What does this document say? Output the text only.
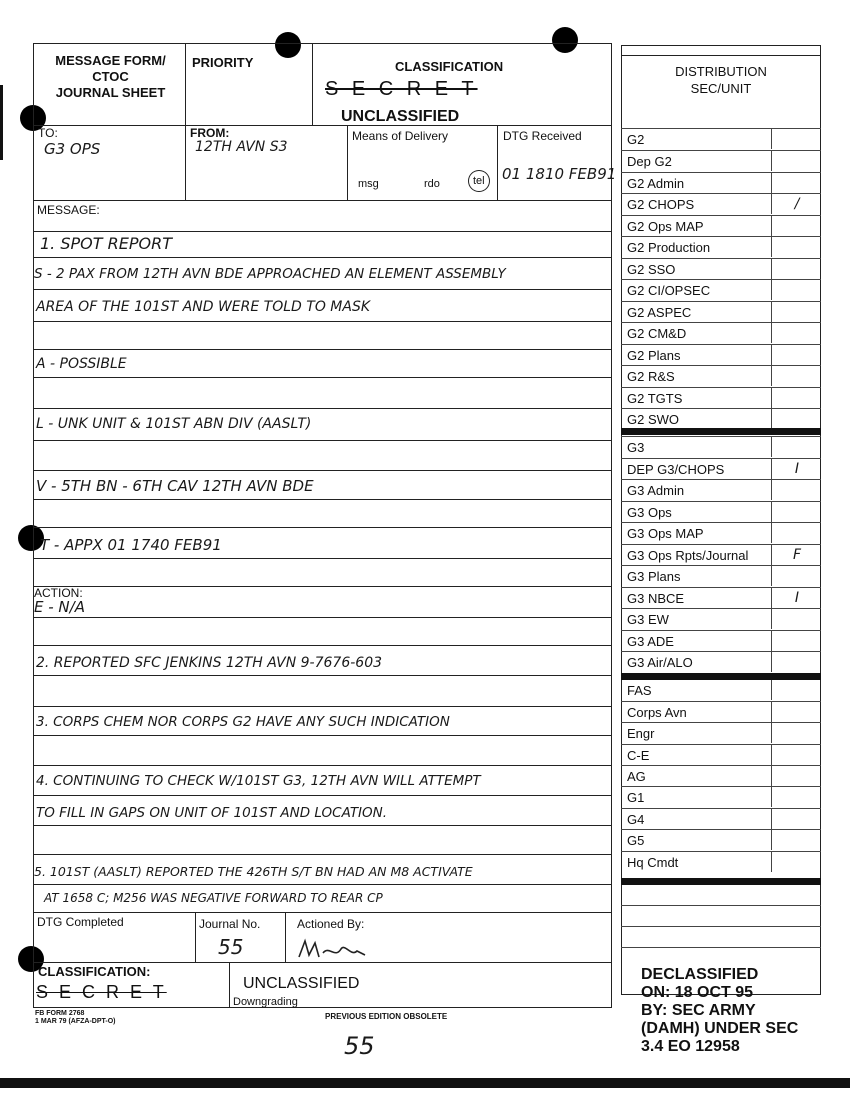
MESSAGE FORM/
CTOC
JOURNAL SHEET
PRIORITY	CLASSIFICATION
S E C R E T
UNCLASSIFIED
TO:
G3 OPS
FROM:
12TH AVN S3
Means of Delivery
msg	rdo	tel
DTG Received
01 1810 FEB91
MESSAGE:
1. SPOT REPORT
S - 2 PAX FROM 12TH AVN BDE APPROACHED AN ELEMENT ASSEMBLY
AREA OF THE 101ST AND WERE TOLD TO MASK
A - POSSIBLE
L - UNK UNIT & 101ST ABN DIV (AASLT)
V - 5TH BN - 6TH CAV 12TH AVN BDE
T - APPX 01 1740 FEB91
ACTION:
E - N/A
2. REPORTED SFC JENKINS 12TH AVN 9-7676-603
3. CORPS CHEM NOR CORPS G2 HAVE ANY SUCH INDICATION
4. CONTINUING TO CHECK W/101ST G3, 12TH AVN WILL ATTEMPT
TO FILL IN GAPS ON UNIT OF 101ST AND LOCATION.
5. 101ST (AASLT) REPORTED THE 426TH S/T BN HAD AN M8 ACTIVATE
AT 1658 C; M256 WAS NEGATIVE FORWARD TO REAR CP
DTG Completed	Journal No.
55
Actioned By:
CLASSIFICATION:
S E C R E T	UNCLASSIFIED
Downgrading
FB FORM 2768
1 MAR 79 (AFZA-DPT-O)
PREVIOUS EDITION OBSOLETE
55
DISTRIBUTION
SEC/UNIT
G2
Dep G2
G2 Admin
G2 CHOPS	/
G2 Ops MAP
G2 Production
G2 SSO
G2 CI/OPSEC
G2 ASPEC
G2 CM&D
G2 Plans
G2 R&S
G2 TGTS
G2 SWO
G3
DEP G3/CHOPS	I
G3 Admin
G3 Ops
G3 Ops MAP
G3 Ops Rpts/Journal	F
G3 Plans
G3 NBCE	I
G3 EW
G3 ADE
G3 Air/ALO
FAS
Corps Avn
Engr
C-E
AG
G1
G4
G5
Hq Cmdt
DECLASSIFIED
ON: 18 OCT 95
BY: SEC ARMY
(DAMH) UNDER SEC
3.4 EO 12958
